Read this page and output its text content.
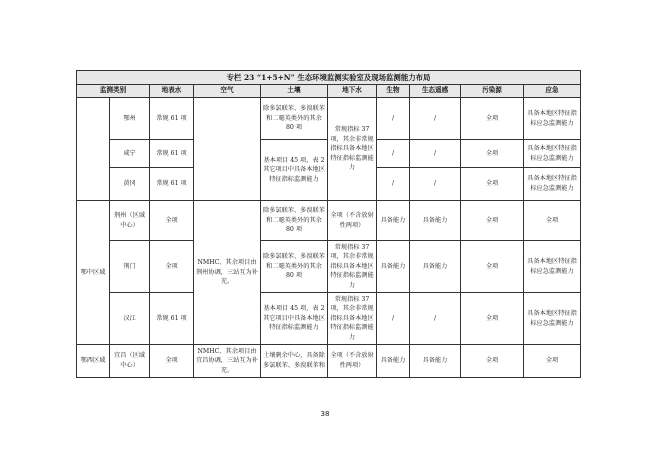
专栏 23 “1+5+N” 生态环境监测实验室及现场监测能力布局									
监测类别		地表水	空气	土壤	地下水	生物	生态遥感	污染源	应急
	鄂州	常规 61 项		除多氯联苯、多溴联苯和二噁英类外的其余 80 项	常规指标 37 项，其余非常规指标具备本地区特征指标监测能力	/	/	全项	具备本地区特征指标应急监测能力
	咸宁	常规 61 项		基本项目 45 项，表 2 其它项目中具备本地区特征指标监测能力		/	/	全项	具备本地区特征指标应急监测能力
	黄冈	常规 61 项				/	/	全项	具备本地区特征指标应急监测能力
鄂中区域	荆州（区域中心）	全项	NMHC、其余项目由荆州协调，三站互为补充。	除多氯联苯、多溴联苯和二噁英类外的其余 80 项	全项（不含放射性两项）	具备能力	具备能力	全项	全项
	荆门	全项		除多氯联苯、多溴联苯和二噁英类外的其余 80 项	常规指标 37 项，其余非常规指标具备本地区特征指标监测能力	具备能力	具备能力	全项	具备本地区特征指标应急监测能力
	汉江	常规 61 项		基本项目 45 项，表 2 其它项目中具备本地区特征指标监测能力	常规指标 37 项，其余非常规指标具备本地区特征指标监测能力	/	/	全项	具备本地区特征指标应急监测能力
鄂西区域	宜昌（区域中心）	全项	NMHC、其余项目由宜昌协调，三站互为补充。	土壤剩余中心，具备除多氯联苯、多溴联苯和	全项（不含放射性两项）	具备能力	具备能力	全项	全项
38
